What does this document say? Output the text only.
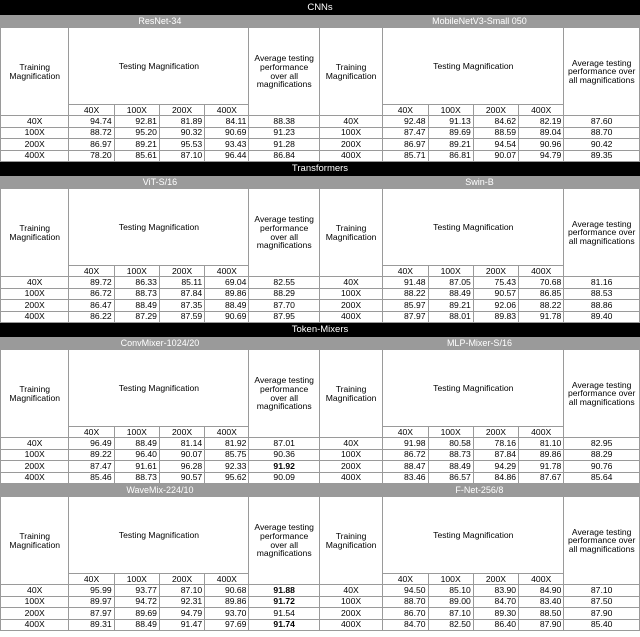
CNNs											
ResNet-34						MobileNetV3-Small 050					
Training Magnification	Testing Magnification				Average testing performance over all magnifications	Training Magnification	Testing Magnification				Average testing performance over all magnifications
	40X	100X	200X	400X			40X	100X	200X	400X	
40X	94.74	92.81	81.89	84.11	88.38	40X	92.48	91.13	84.62	82.19	87.60
100X	88.72	95.20	90.32	90.69	91.23	100X	87.47	89.69	88.59	89.04	88.70
200X	86.97	89.21	95.53	93.43	91.28	200X	86.97	89.21	94.54	90.96	90.42
400X	78.20	85.61	87.10	96.44	86.84	400X	85.71	86.81	90.07	94.79	89.35
Transformers											
ViT-S/16						Swin-B					
Training Magnification	Testing Magnification				Average testing performance over all magnifications	Training Magnification	Testing Magnification				Average testing performance over all magnifications
	40X	100X	200X	400X			40X	100X	200X	400X	
40X	89.72	86.33	85.11	69.04	82.55	40X	91.48	87.05	75.43	70.68	81.16
100X	86.72	88.73	87.84	89.86	88.29	100X	88.22	88.49	90.57	86.85	88.53
200X	86.47	88.49	87.35	88.49	87.70	200X	85.97	89.21	92.06	88.22	88.86
400X	86.22	87.29	87.59	90.69	87.95	400X	87.97	88.01	89.83	91.78	89.40
Token-Mixers											
ConvMixer-1024/20						MLP-Mixer-S/16					
Training Magnification	Testing Magnification				Average testing performance over all magnifications	Training Magnification	Testing Magnification				Average testing performance over all magnifications
	40X	100X	200X	400X			40X	100X	200X	400X	
40X	96.49	88.49	81.14	81.92	87.01	40X	91.98	80.58	78.16	81.10	82.95
100X	89.22	96.40	90.07	85.75	90.36	100X	86.72	88.73	87.84	89.86	88.29
200X	87.47	91.61	96.28	92.33	91.92	200X	88.47	88.49	94.29	91.78	90.76
400X	85.46	88.73	90.57	95.62	90.09	400X	83.46	86.57	84.86	87.67	85.64
WaveMix-224/10						F-Net-256/8					
Training Magnification	Testing Magnification				Average testing performance over all magnifications	Training Magnification	Testing Magnification				Average testing performance over all magnifications
	40X	100X	200X	400X			40X	100X	200X	400X	
40X	95.99	93.77	87.10	90.68	91.88	40X	94.50	85.10	83.90	84.90	87.10
100X	89.97	94.72	92.31	89.86	91.72	100X	88.70	89.00	84.70	83.40	87.50
200X	87.97	89.69	94.79	93.70	91.54	200X	86.70	87.10	89.30	88.50	87.90
400X	89.31	88.49	91.47	97.69	91.74	400X	84.70	82.50	86.40	87.90	85.40
